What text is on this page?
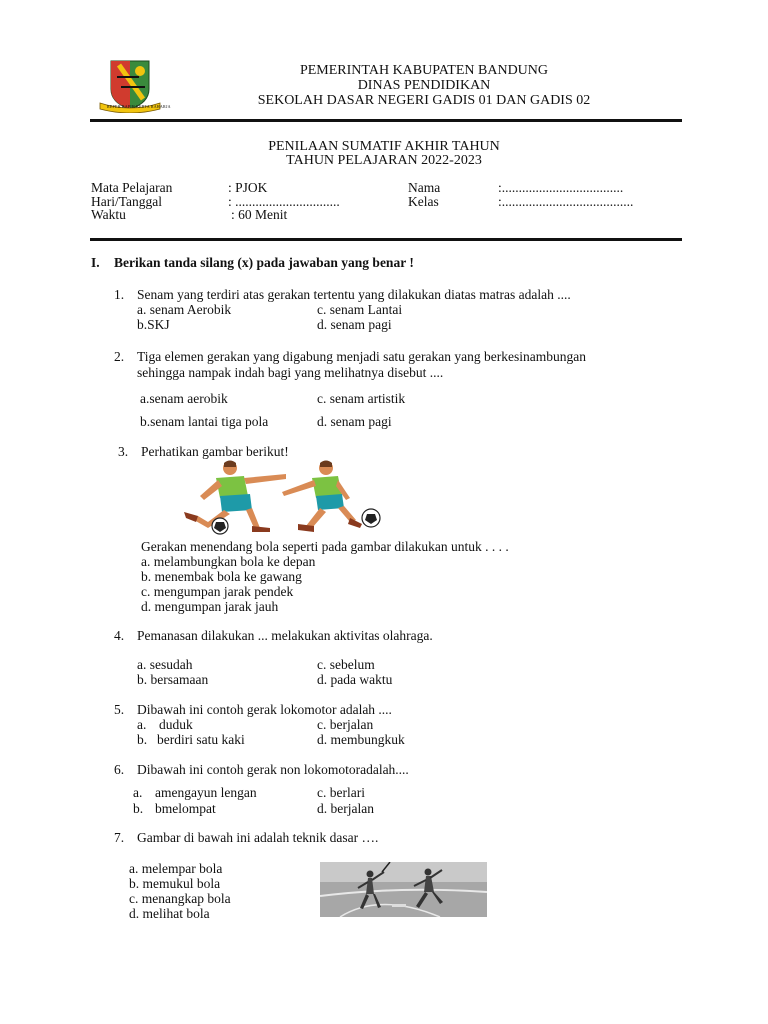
REPEH RAPIH KERTA RAHARJA
PEMERINTAH KABUPATEN BANDUNG
DINAS PENDIDIKAN
SEKOLAH DASAR NEGERI GADIS 01 DAN GADIS 02
PENILAAN SUMATIF AKHIR TAHUN
TAHUN PELAJARAN 2022-2023
Mata Pelajaran	: PJOK
Hari/Tanggal	: ...............................
Waktu	: 60 Menit
Nama	:....................................
Kelas	:.......................................
I. Berikan tanda silang (x) pada jawaban yang benar !
1. Senam yang terdiri atas gerakan tertentu yang dilakukan diatas matras adalah ....
a. senam Aerobik	c. senam Lantai
b.SKJ	d. senam pagi
2. Tiga elemen gerakan yang digabung menjadi satu gerakan yang berkesinambungan
sehingga nampak indah bagi yang melihatnya disebut ....
a.senam aerobik	c. senam artistik
b.senam lantai tiga pola	d. senam pagi
3. Perhatikan gambar berikut!
Gerakan menendang bola seperti pada gambar dilakukan untuk . . . .
a. melambungkan bola ke depan
b. menembak bola ke gawang
c. mengumpan jarak pendek
d. mengumpan jarak jauh
4. Pemanasan dilakukan ... melakukan aktivitas olahraga.
a. sesudah	c. sebelum
b. bersamaan	d. pada waktu
5. Dibawah ini contoh gerak lokomotor adalah ....
a. duduk	c. berjalan
b. berdiri satu kaki	d. membungkuk
6. Dibawah ini contoh gerak non lokomotoradalah....
a. amengayun lengan	c. berlari
b. bmelompat	d. berjalan
7. Gambar di bawah ini adalah teknik dasar ….
a. melempar bola
b. memukul bola
c. menangkap bola
d. melihat bola
